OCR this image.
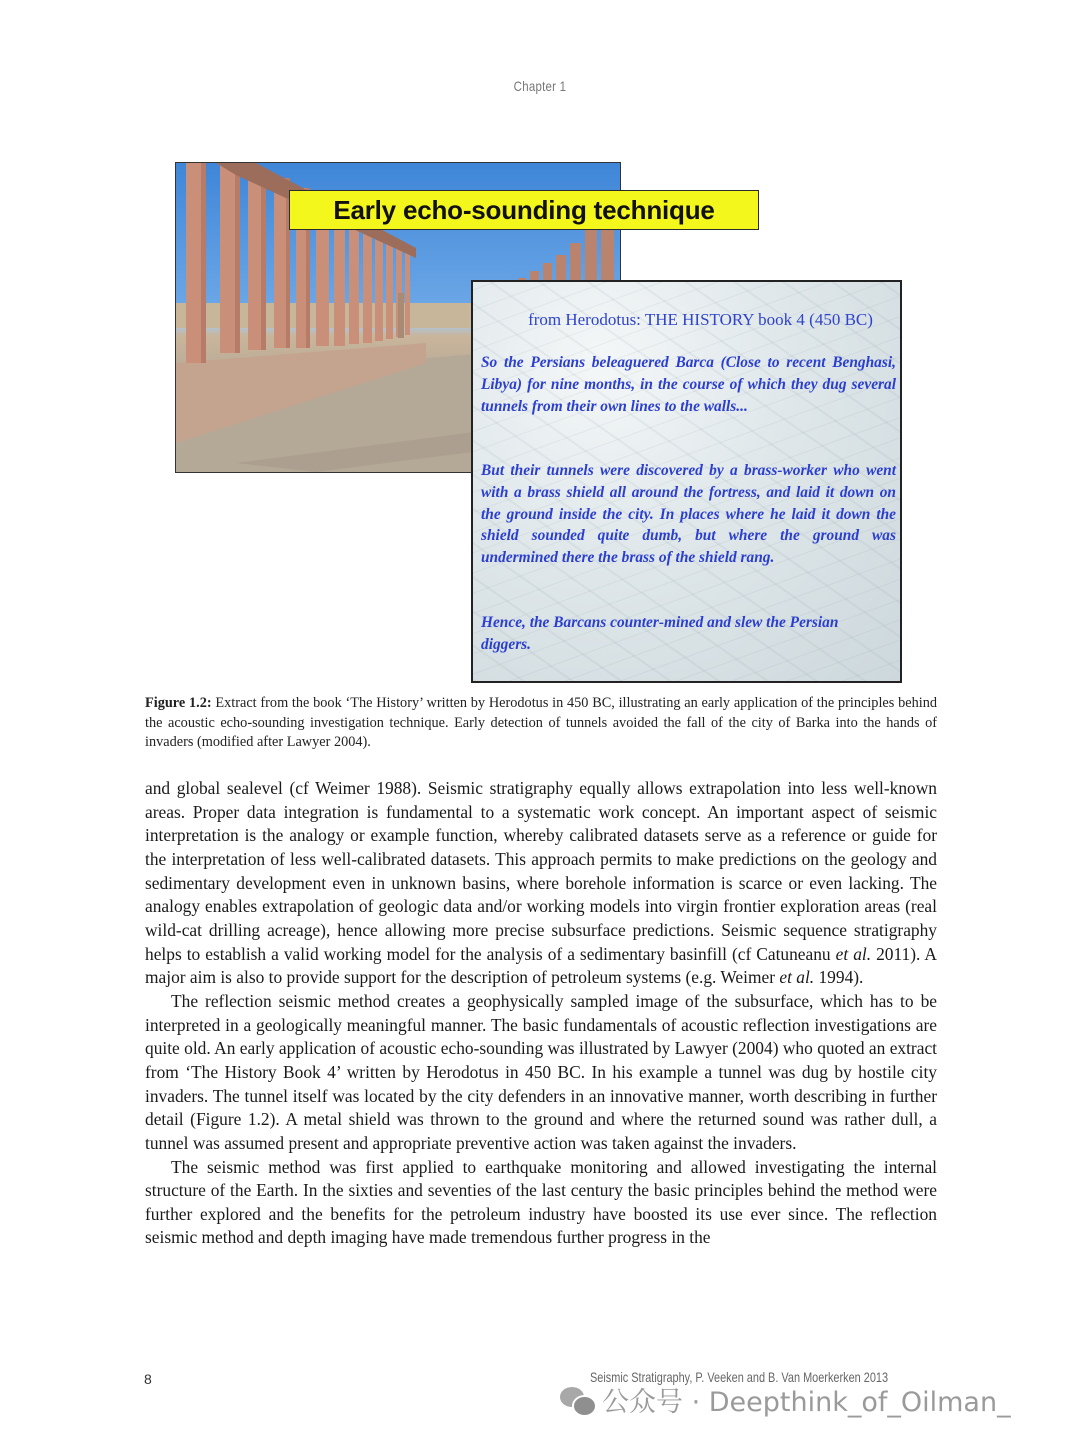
Chapter 1
Early echo-sounding technique
from Herodotus: THE HISTORY book 4 (450 BC)
So the Persians beleaguered Barca (Close to recent Benghasi, Libya) for nine months, in the course of which they dug several tunnels from their own lines to the walls...
But their tunnels were discovered by a brass-worker who went with a brass shield all around the fortress, and laid it down on the ground inside the city. In places where he laid it down the shield sounded quite dumb, but where the ground was undermined there the brass of the shield rang.
Hence, the Barcans counter-mined and slew the Persian diggers.
Figure 1.2: Extract from the book ‘The History’ written by Herodotus in 450 BC, illustrating an early application of the principles behind the acoustic echo-sounding investigation technique. Early detection of tunnels avoided the fall of the city of Barka into the hands of invaders (modified after Lawyer 2004).

and global sealevel (cf Weimer 1988). Seismic stratigraphy equally allows extrapolation into less well-known areas. Proper data integration is fundamental to a systematic work concept. An important aspect of seismic interpretation is the analogy or example function, whereby calibrated datasets serve as a reference or guide for the interpretation of less well-calibrated datasets. This approach permits to make predictions on the geology and sedimentary development even in unknown basins, where borehole information is scarce or even lacking. The analogy enables extrapolation of geologic data and/or working models into virgin frontier exploration areas (real wild-cat drilling acreage), hence allowing more precise subsurface predictions. Seismic sequence stratigraphy helps to establish a valid working model for the analysis of a sedimentary basinfill (cf Catuneanu et al. 2011). A major aim is also to provide support for the description of petroleum systems (e.g. Weimer et al. 1994).

The reflection seismic method creates a geophysically sampled image of the subsurface, which has to be interpreted in a geologically meaningful manner. The basic fundamentals of acoustic reflection investigations are quite old. An early application of acoustic echo-sounding was illustrated by Lawyer (2004) who quoted an extract from ‘The History Book 4’ written by Herodotus in 450 BC. In his example a tunnel was dug by hostile city invaders. The tunnel itself was located by the city defenders in an innovative manner, worth describing in further detail (Figure 1.2). A metal shield was thrown to the ground and where the returned sound was rather dull, a tunnel was assumed present and appropriate preventive action was taken against the invaders.

The seismic method was first applied to earthquake monitoring and allowed investigating the internal structure of the Earth. In the sixties and seventies of the last century the basic principles behind the method were further explored and the benefits for the petroleum industry have boosted its use ever since. The reflection seismic method and depth imaging have made tremendous further progress in the

8	Seismic Stratigraphy, P. Veeken and B. Van Moerkerken 2013
公众号 · Deepthink_of_Oilman_
